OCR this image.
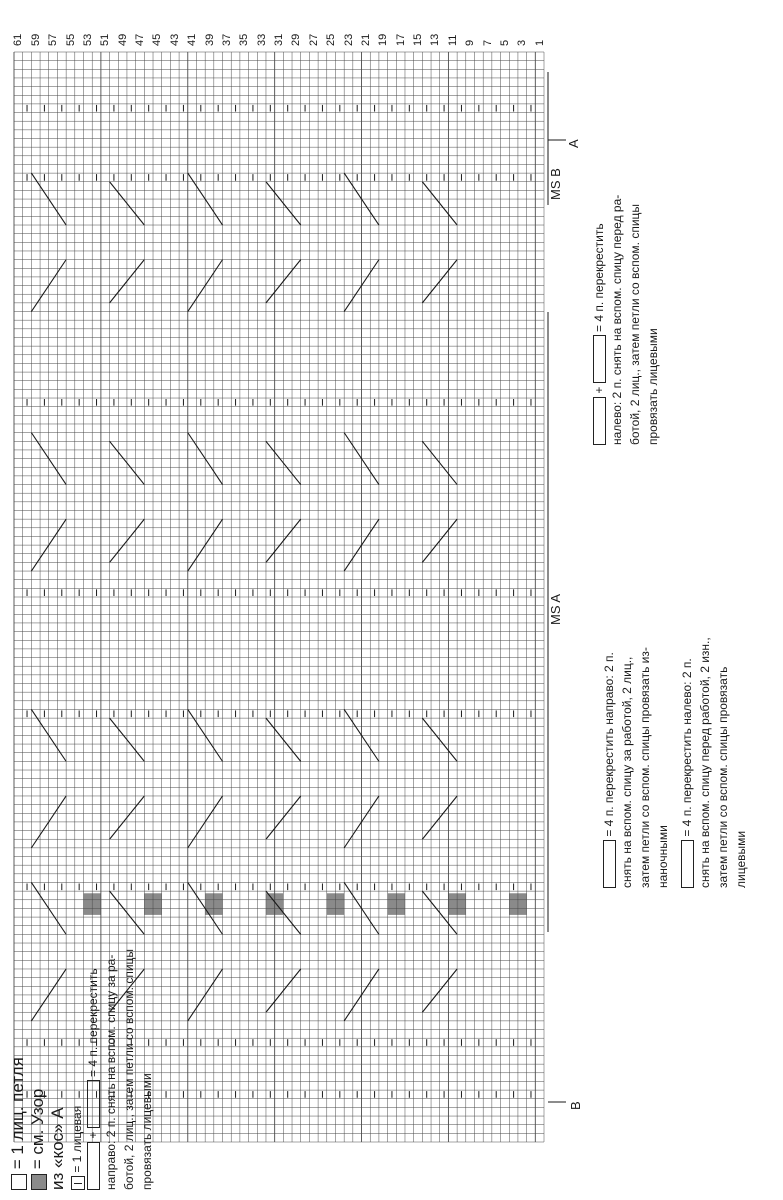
1
3
5
7
9
11
13
15
17
19
21
23
25
27
29
31
33
35
37
39
41
43
45
47
49
51
53
55
57
59
61
A
MS B
MS A
B
= 1 лиц. петля = см. Узор из «кос» А = 1 лицевая +  = 4 п. перекрестить направо: 2 п. снять на вспом. спицу за ра- ботой, 2 лиц., затем петли со вспом. спицы провязать лицевыми
= 4 п. перекрестить направо: 2 п. снять на вспом. спицу за работой, 2 лиц., затем петли со вспом. спицы провязать из- наночными
= 4 п. перекрестить налево: 2 п. снять на вспом. спицу перед работой, 2 изн., затем петли со вспом. спицы провязать лицевыми
+  = 4 п. перекрестить налево: 2 п. снять на вспом. спицу перед ра- ботой, 2 лиц., затем петли со вспом. спицы провязать лицевыми
